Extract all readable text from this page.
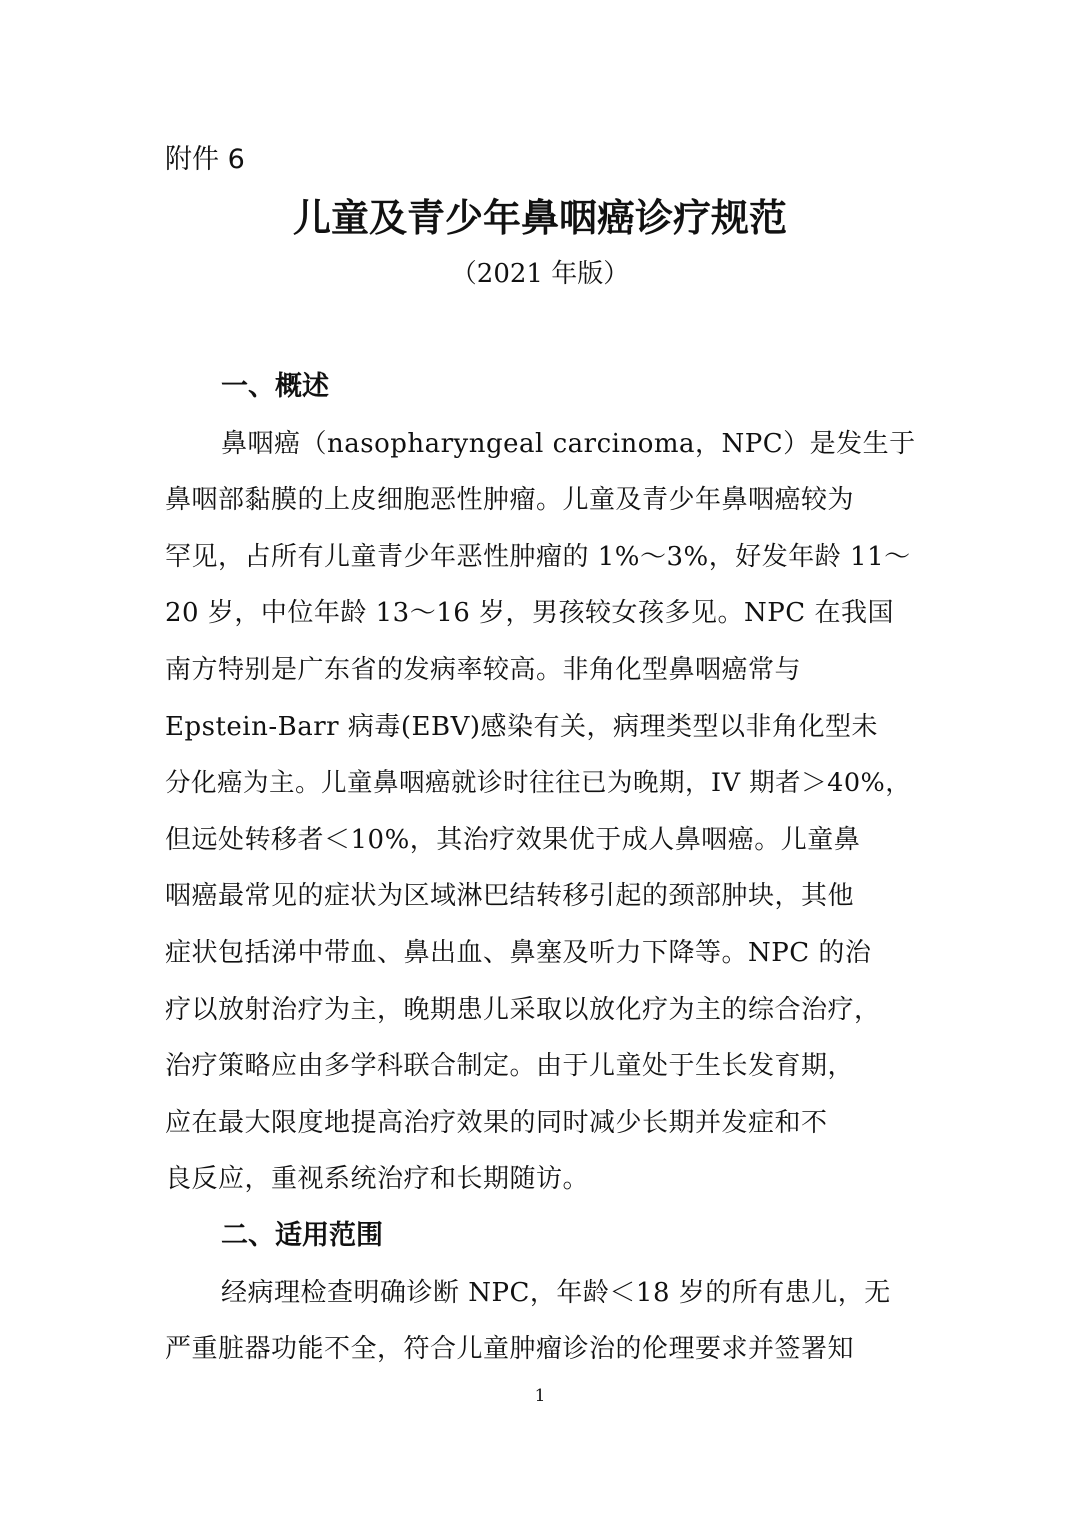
附件 6
儿童及青少年鼻咽癌诊疗规范
（2021 年版）
一、概述
鼻咽癌（nasopharyngeal carcinoma，NPC）是发生于
鼻咽部黏膜的上皮细胞恶性肿瘤。儿童及青少年鼻咽癌较为
罕见，占所有儿童青少年恶性肿瘤的 1%～3%，好发年龄 11～
20 岁，中位年龄 13～16 岁，男孩较女孩多见。NPC 在我国
南方特别是广东省的发病率较高。非角化型鼻咽癌常与
Epstein-Barr 病毒(EBV)感染有关，病理类型以非角化型未
分化癌为主。儿童鼻咽癌就诊时往往已为晚期，IV 期者＞40%，
但远处转移者＜10%，其治疗效果优于成人鼻咽癌。儿童鼻
咽癌最常见的症状为区域淋巴结转移引起的颈部肿块，其他
症状包括涕中带血、鼻出血、鼻塞及听力下降等。NPC 的治
疗以放射治疗为主，晚期患儿采取以放化疗为主的综合治疗，
治疗策略应由多学科联合制定。由于儿童处于生长发育期，
应在最大限度地提高治疗效果的同时减少长期并发症和不
良反应，重视系统治疗和长期随访。
二、适用范围
经病理检查明确诊断 NPC，年龄＜18 岁的所有患儿，无
严重脏器功能不全，符合儿童肿瘤诊治的伦理要求并签署知
1
